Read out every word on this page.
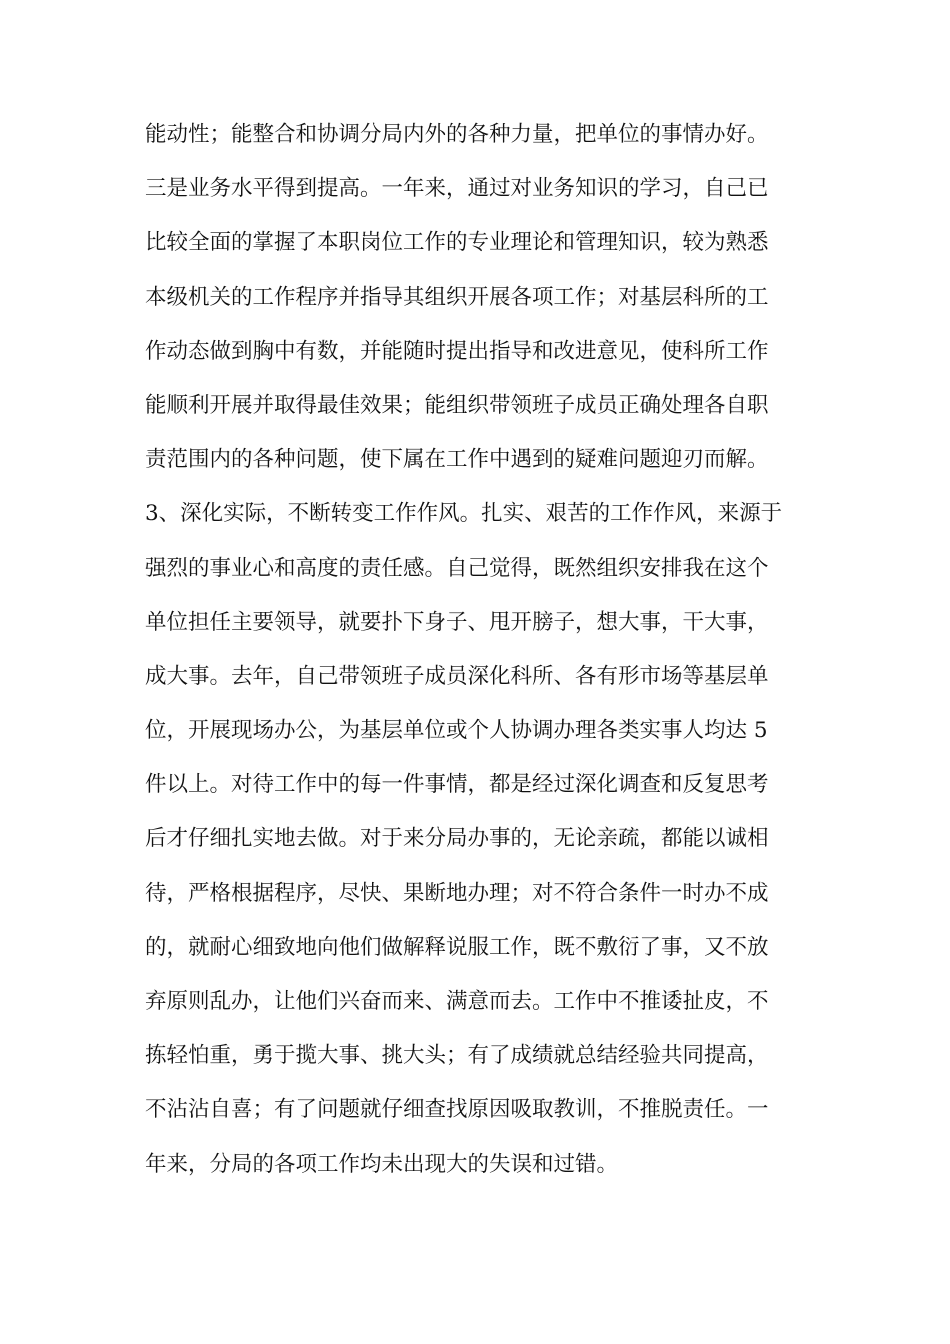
能动性；能整合和协调分局内外的各种力量，把单位的事情办好。
三是业务水平得到提高。一年来，通过对业务知识的学习，自己已
比较全面的掌握了本职岗位工作的专业理论和管理知识，较为熟悉
本级机关的工作程序并指导其组织开展各项工作；对基层科所的工
作动态做到胸中有数，并能随时提出指导和改进意见，使科所工作
能顺利开展并取得最佳效果；能组织带领班子成员正确处理各自职
责范围内的各种问题，使下属在工作中遇到的疑难问题迎刃而解。
3、深化实际，不断转变工作作风。扎实、艰苦的工作作风，来源于
强烈的事业心和高度的责任感。自己觉得，既然组织安排我在这个
单位担任主要领导，就要扑下身子、甩开膀子，想大事，干大事，
成大事。去年，自己带领班子成员深化科所、各有形市场等基层单
位，开展现场办公，为基层单位或个人协调办理各类实事人均达 5
件以上。对待工作中的每一件事情，都是经过深化调查和反复思考
后才仔细扎实地去做。对于来分局办事的，无论亲疏，都能以诚相
待，严格根据程序，尽快、果断地办理；对不符合条件一时办不成
的，就耐心细致地向他们做解释说服工作，既不敷衍了事，又不放
弃原则乱办，让他们兴奋而来、满意而去。工作中不推诿扯皮，不
拣轻怕重，勇于揽大事、挑大头；有了成绩就总结经验共同提高，
不沾沾自喜；有了问题就仔细查找原因吸取教训，不推脱责任。一
年来，分局的各项工作均未出现大的失误和过错。
